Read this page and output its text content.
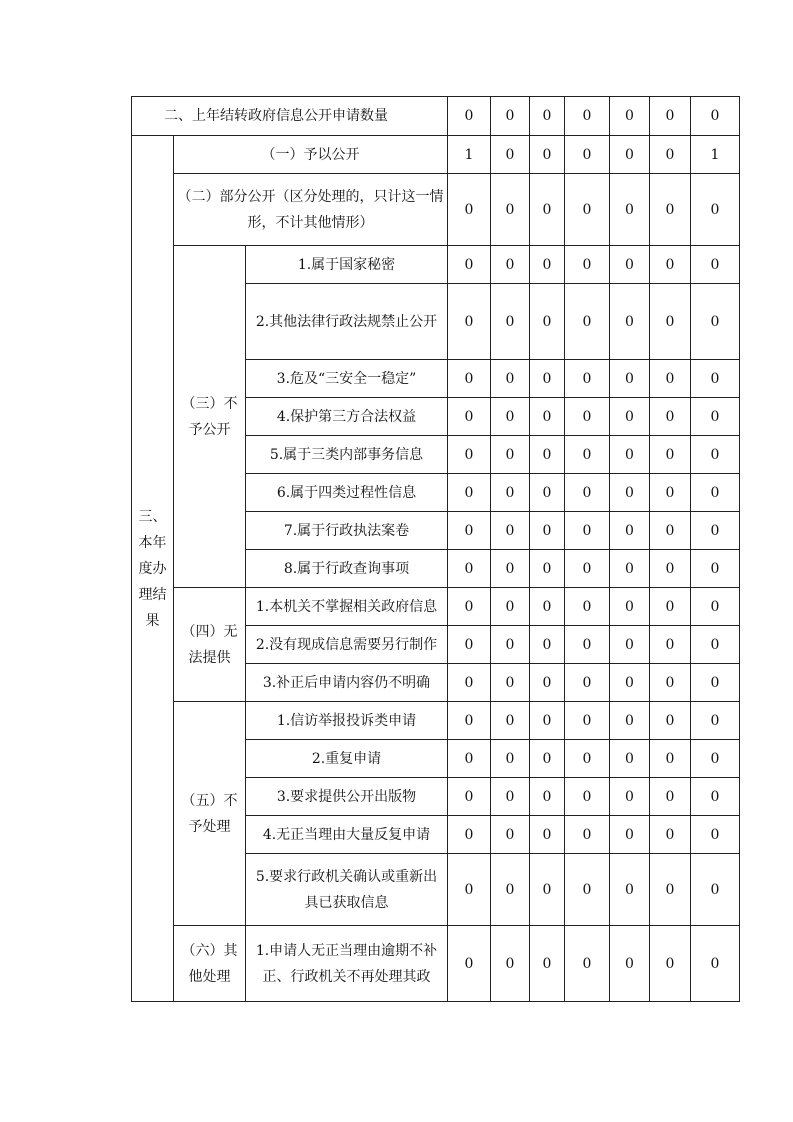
二、上年结转政府信息公开申请数量			0	0	0	0	0	0	0
三、本年度办理结果	（一）予以公开		1	0	0	0	0	0	1
	（二）部分公开（区分处理的，只计这一情形，不计其他情形）		0	0	0	0	0	0	0
	（三）不予公开	1.属于国家秘密	0	0	0	0	0	0	0
		2.其他法律行政法规禁止公开	0	0	0	0	0	0	0
		3.危及“三安全一稳定”	0	0	0	0	0	0	0
		4.保护第三方合法权益	0	0	0	0	0	0	0
		5.属于三类内部事务信息	0	0	0	0	0	0	0
		6.属于四类过程性信息	0	0	0	0	0	0	0
		7.属于行政执法案卷	0	0	0	0	0	0	0
		8.属于行政查询事项	0	0	0	0	0	0	0
	（四）无法提供	1.本机关不掌握相关政府信息	0	0	0	0	0	0	0
		2.没有现成信息需要另行制作	0	0	0	0	0	0	0
		3.补正后申请内容仍不明确	0	0	0	0	0	0	0
	（五）不予处理	1.信访举报投诉类申请	0	0	0	0	0	0	0
		2.重复申请	0	0	0	0	0	0	0
		3.要求提供公开出版物	0	0	0	0	0	0	0
		4.无正当理由大量反复申请	0	0	0	0	0	0	0
		5.要求行政机关确认或重新出具已获取信息	0	0	0	0	0	0	0
	（六）其他处理	1.申请人无正当理由逾期不补正、行政机关不再处理其政	0	0	0	0	0	0	0
